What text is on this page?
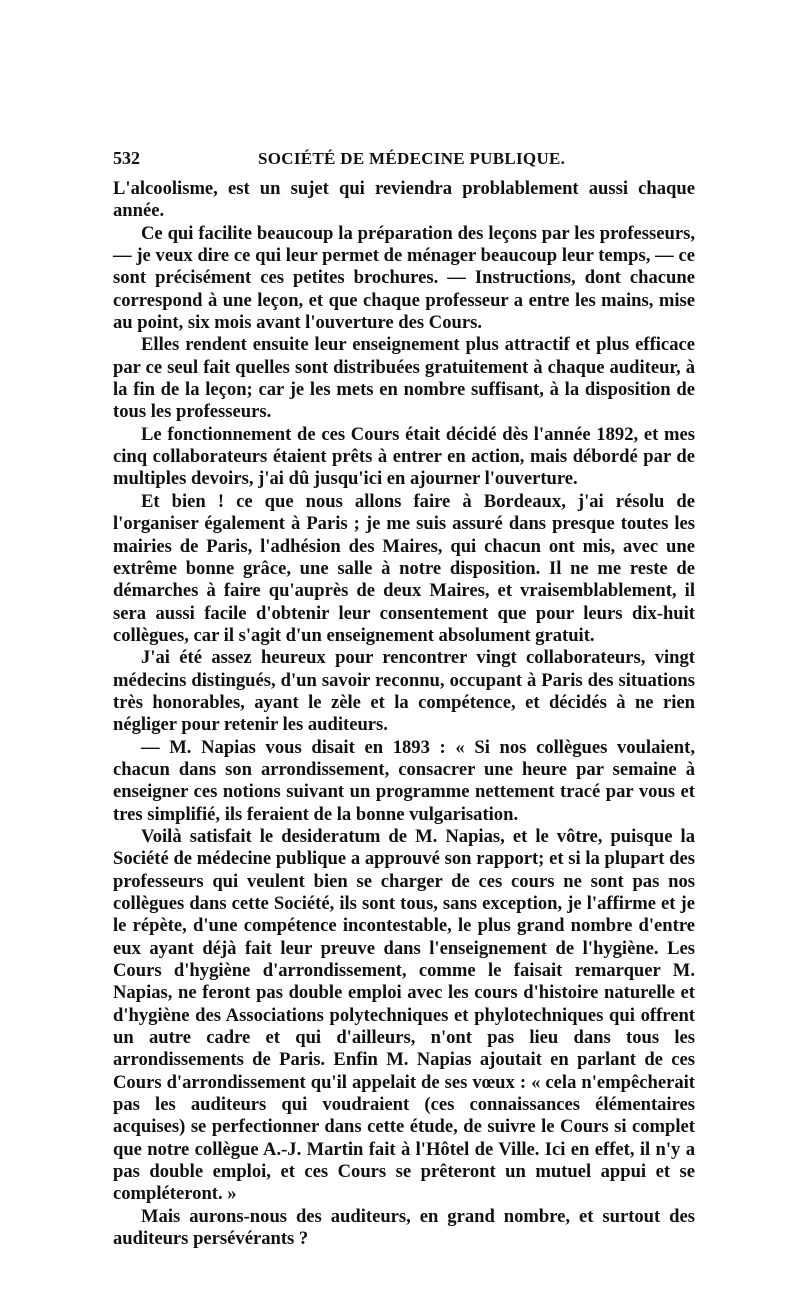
532	SOCIÉTÉ DE MÉDECINE PUBLIQUE.

L'alcoolisme, est un sujet qui reviendra problablement aussi chaque année.

Ce qui facilite beaucoup la préparation des leçons par les professeurs, — je veux dire ce qui leur permet de ménager beaucoup leur temps, — ce sont précisément ces petites brochures. — Instructions, dont chacune correspond à une leçon, et que chaque professeur a entre les mains, mise au point, six mois avant l'ouverture des Cours.

Elles rendent ensuite leur enseignement plus attractif et plus efficace par ce seul fait quelles sont distribuées gratuitement à chaque auditeur, à la fin de la leçon; car je les mets en nombre suffisant, à la disposition de tous les professeurs.

Le fonctionnement de ces Cours était décidé dès l'année 1892, et mes cinq collaborateurs étaient prêts à entrer en action, mais débordé par de multiples devoirs, j'ai dû jusqu'ici en ajourner l'ouverture.

Et bien ! ce que nous allons faire à Bordeaux, j'ai résolu de l'organiser également à Paris ; je me suis assuré dans presque toutes les mairies de Paris, l'adhésion des Maires, qui chacun ont mis, avec une extrême bonne grâce, une salle à notre disposition. Il ne me reste de démarches à faire qu'auprès de deux Maires, et vraisemblablement, il sera aussi facile d'obtenir leur consentement que pour leurs dix-huit collègues, car il s'agit d'un enseignement absolument gratuit.

J'ai été assez heureux pour rencontrer vingt collaborateurs, vingt médecins distingués, d'un savoir reconnu, occupant à Paris des situations très honorables, ayant le zèle et la compétence, et décidés à ne rien négliger pour retenir les auditeurs.

— M. Napias vous disait en 1893 : « Si nos collègues voulaient, chacun dans son arrondissement, consacrer une heure par semaine à enseigner ces notions suivant un programme nettement tracé par vous et tres simplifié, ils feraient de la bonne vulgarisation.

Voilà satisfait le desideratum de M. Napias, et le vôtre, puisque la Société de médecine publique a approuvé son rapport; et si la plupart des professeurs qui veulent bien se charger de ces cours ne sont pas nos collègues dans cette Société, ils sont tous, sans exception, je l'affirme et je le répète, d'une compétence incontestable, le plus grand nombre d'entre eux ayant déjà fait leur preuve dans l'enseignement de l'hygiène. Les Cours d'hygiène d'arrondissement, comme le faisait remarquer M. Napias, ne feront pas double emploi avec les cours d'histoire naturelle et d'hygiène des Associations polytechniques et phylotechniques qui offrent un autre cadre et qui d'ailleurs, n'ont pas lieu dans tous les arrondissements de Paris. Enfin M. Napias ajoutait en parlant de ces Cours d'arrondissement qu'il appelait de ses vœux : « cela n'empêcherait pas les auditeurs qui voudraient (ces connaissances élémentaires acquises) se perfectionner dans cette étude, de suivre le Cours si complet que notre collègue A.-J. Martin fait à l'Hôtel de Ville. Ici en effet, il n'y a pas double emploi, et ces Cours se prêteront un mutuel appui et se compléteront. »

Mais aurons-nous des auditeurs, en grand nombre, et surtout des auditeurs persévérants ?
